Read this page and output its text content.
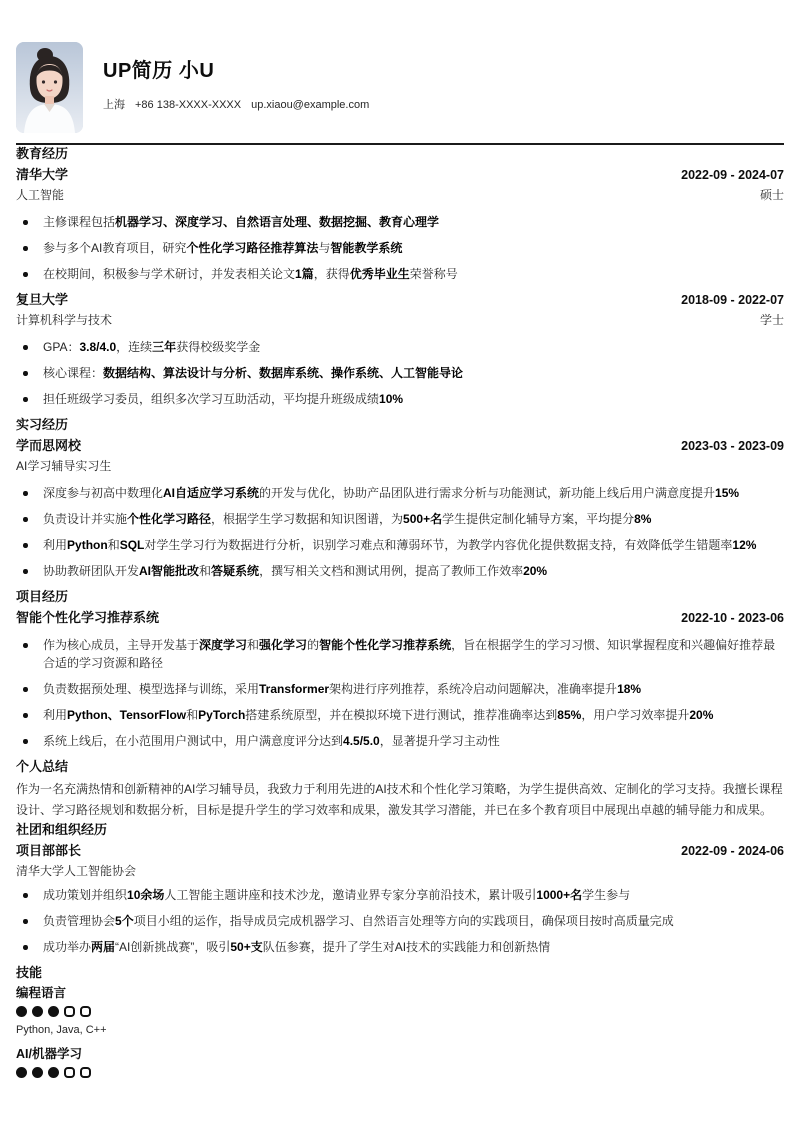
UP简历 小U
上海 +86 138-XXXX-XXXX up.xiaou@example.com
教育经历
清华大学	2022-09 - 2024-07
人工智能	硕士
主修课程包括机器学习、深度学习、自然语言处理、数据挖掘、教育心理学
参与多个AI教育项目，研究个性化学习路径推荐算法与智能教学系统
在校期间，积极参与学术研讨，并发表相关论文1篇，获得优秀毕业生荣誉称号
复旦大学	2018-09 - 2022-07
计算机科学与技术	学士
GPA：3.8/4.0，连续三年获得校级奖学金
核心课程：数据结构、算法设计与分析、数据库系统、操作系统、人工智能导论
担任班级学习委员，组织多次学习互助活动，平均提升班级成绩10%
实习经历
学而思网校	2023-03 - 2023-09
AI学习辅导实习生
深度参与初高中数理化AI自适应学习系统的开发与优化，协助产品团队进行需求分析与功能测试，新功能上线后用户满意度提升15%
负责设计并实施个性化学习路径，根据学生学习数据和知识图谱，为500+名学生提供定制化辅导方案，平均提分8%
利用Python和SQL对学生学习行为数据进行分析，识别学习难点和薄弱环节，为教学内容优化提供数据支持，有效降低学生错题率12%
协助教研团队开发AI智能批改和答疑系统，撰写相关文档和测试用例，提高了教师工作效率20%
项目经历
智能个性化学习推荐系统	2022-10 - 2023-06
作为核心成员，主导开发基于深度学习和强化学习的智能个性化学习推荐系统，旨在根据学生的学习习惯、知识掌握程度和兴趣偏好推荐最合适的学习资源和路径
负责数据预处理、模型选择与训练，采用Transformer架构进行序列推荐，系统冷启动问题解决，准确率提升18%
利用Python、TensorFlow和PyTorch搭建系统原型，并在模拟环境下进行测试，推荐准确率达到85%，用户学习效率提升20%
系统上线后，在小范围用户测试中，用户满意度评分达到4.5/5.0，显著提升学习主动性
个人总结

作为一名充满热情和创新精神的AI学习辅导员，我致力于利用先进的AI技术和个性化学习策略，为学生提供高效、定制化的学习支持。我擅长课程设计、学习路径规划和数据分析，目标是提升学生的学习效率和成果，激发其学习潜能，并已在多个教育项目中展现出卓越的辅导能力和成果。

社团和组织经历
项目部部长	2022-09 - 2024-06
清华大学人工智能协会
成功策划并组织10余场人工智能主题讲座和技术沙龙，邀请业界专家分享前沿技术，累计吸引1000+名学生参与
负责管理协会5个项目小组的运作，指导成员完成机器学习、自然语言处理等方向的实践项目，确保项目按时高质量完成
成功举办两届“AI创新挑战赛”，吸引50+支队伍参赛，提升了学生对AI技术的实践能力和创新热情
技能
编程语言
Python, Java, C++
AI/机器学习
